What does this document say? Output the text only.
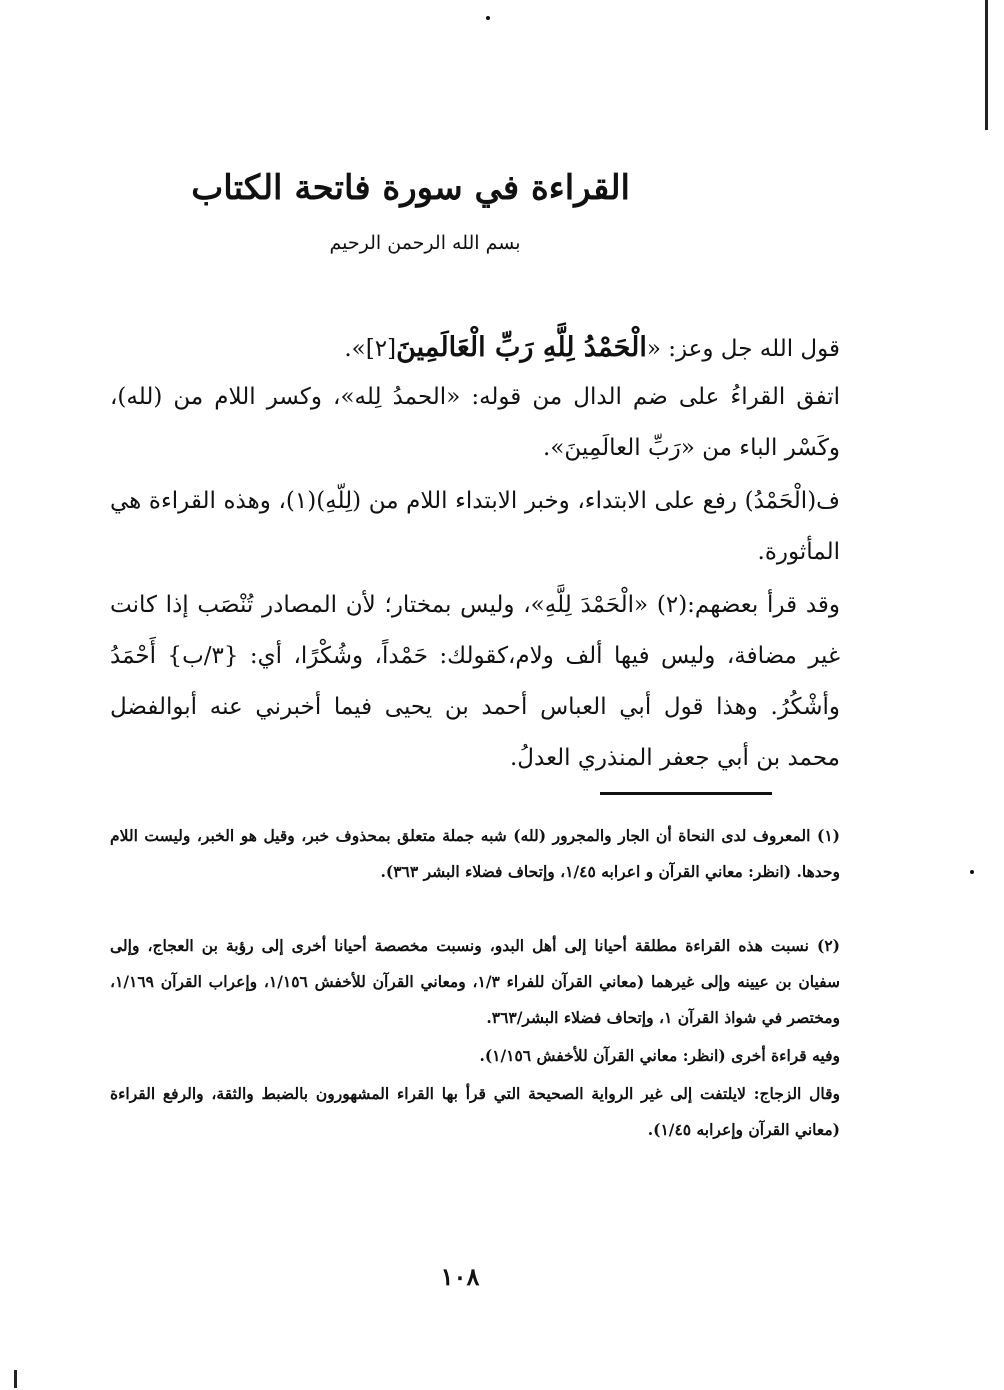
القراءة في سورة فاتحة الكتاب
بسم الله الرحمن الرحيم
قول الله جل وعز: «الْحَمْدُ لِلَّهِ رَبِّ الْعَالَمِينَ[٢]».
اتفق القراءُ على ضم الدال من قوله: «الحمدُ لِله»، وكسر اللام من (لله)، وكَسْر الباء من «رَبِّ العالَمِينَ».
ف(الْحَمْدُ) رفع على الابتداء، وخبر الابتداء اللام من (لِلّهِ)(١)، وهذه القراءة هي المأثورة.
وقد قرأ بعضهم:(٢) «الْحَمْدَ لِلَّهِ»، وليس بمختار؛ لأن المصادر تُنْصَب إذا كانت غير مضافة، وليس فيها ألف ولام،كقولك: حَمْداً، وشُكْرًا، أي: {٣/ب} أَحْمَدُ وأشْكُرُ. وهذا قول أبي العباس أحمد بن يحيى فيما أخبرني عنه أبوالفضل محمد بن أبي جعفر المنذري العدلُ.
(١) المعروف لدى النحاة أن الجار والمجرور (لله) شبه جملة متعلق بمحذوف خبر، وقيل هو الخبر، وليست اللام وحدها. (انظر: معاني القرآن و اعرابه ١/٤٥، وإتحاف فضلاء البشر ٣٦٣).
(٢) نسبت هذه القراءة مطلقة أحيانا إلى أهل البدو، ونسبت مخصصة أحيانا أخرى إلى رؤبة بن العجاج، وإلى سفيان بن عيينه وإلى غيرهما (معاني القرآن للفراء ١/٣، ومعاني القرآن للأخفش ١/١٥٦، وإعراب القرآن ١/١٦٩، ومختصر في شواذ القرآن ١، وإتحاف فضلاء البشر/٣٦٣.
وفيه قراءة أخرى (انظر: معاني القرآن للأخفش ١/١٥٦).
وقال الزجاج: لايلتفت إلى غير الرواية الصحيحة التي قرأ بها القراء المشهورون بالضبط والثقة، والرفع القراءة (معاني القرآن وإعرابه ١/٤٥).
١٠٨
